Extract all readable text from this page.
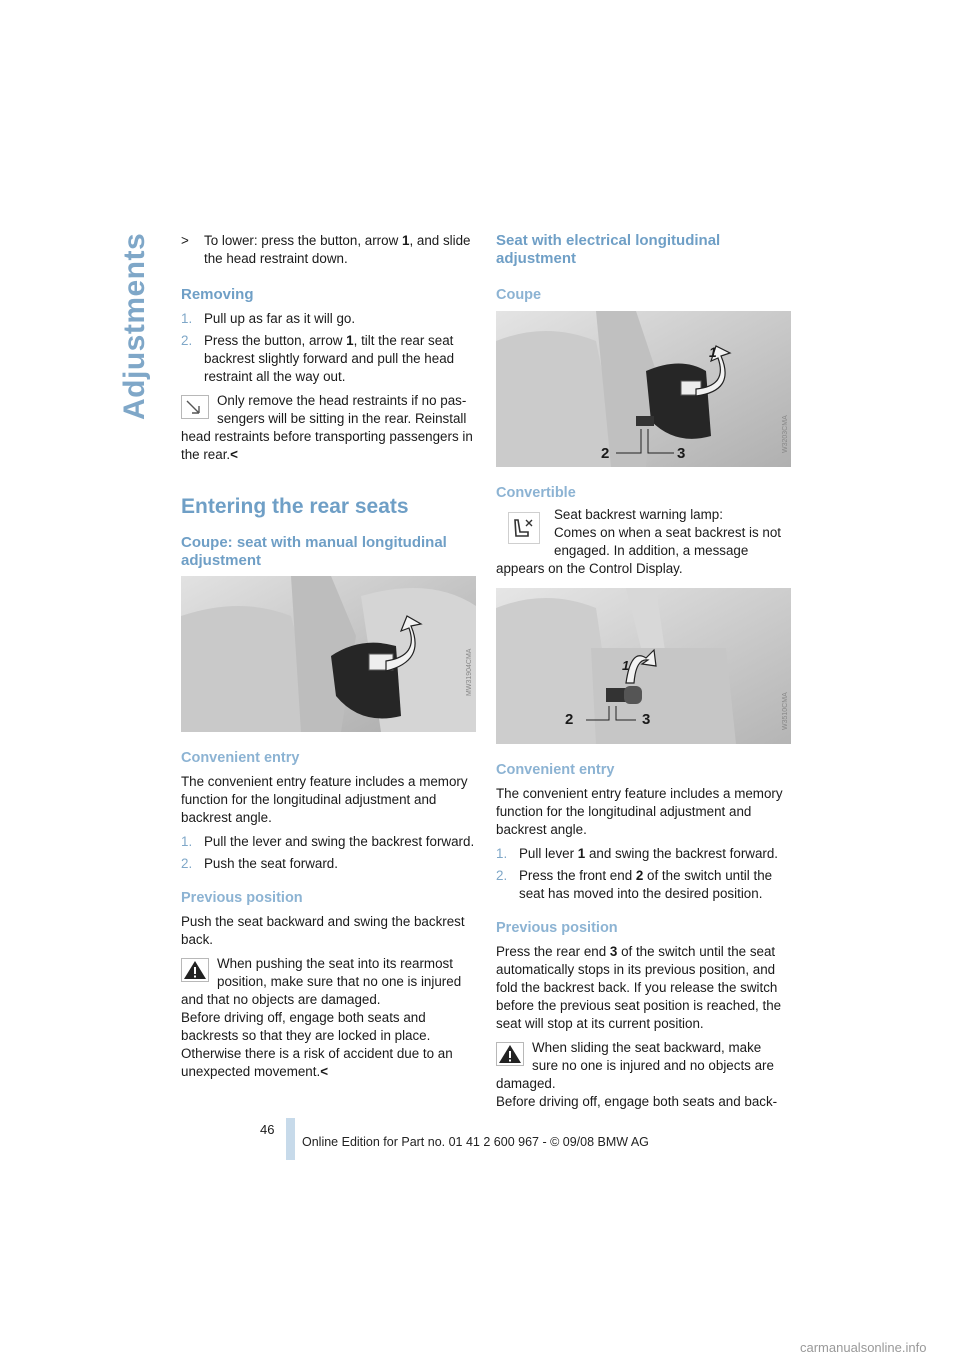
Adjustments	> To lower: press the button, arrow 1, and slide the head restraint down.
Removing
1. Pull up as far as it will go.
2. Press the button, arrow 1, tilt the rear seat backrest slightly forward and pull the head restraint all the way out.
Only remove the head restraints if no pas-
sengers will be sitting in the rear. Reinstall
head restraints before transporting passengers in the rear.<
Entering the rear seats
Coupe: seat with manual longitudinal adjustment
MW31904CMA
Convenient entry

The convenient entry feature includes a memory function for the longitudinal adjustment and backrest angle.

1. Pull the lever and swing the backrest forward.
2. Push the seat forward.
Previous position

Push the seat backward and swing the backrest back.

When pushing the seat into its rearmost
position, make sure that no one is injured
and that no objects are damaged.
Before driving off, engage both seats and backrests so that they are locked in place. Otherwise there is a risk of accident due to an unexpected movement.<
Seat with electrical longitudinal adjustment
Coupe
2	3
1
W3203CMA
Convertible
Seat backrest warning lamp:
Comes on when a seat backrest is not
engaged. In addition, a message
appears on the Control Display.
2	3
1
W3510CMA
Convenient entry

The convenient entry feature includes a memory function for the longitudinal adjustment and backrest angle.

1. Pull lever 1 and swing the backrest forward.
2. Press the front end 2 of the switch until the seat has moved into the desired position.
Previous position

Press the rear end 3 of the switch until the seat automatically stops in its previous position, and fold the backrest back. If you release the switch before the previous seat position is reached, the seat will stop at its current position.

When sliding the seat backward, make
sure no one is injured and no objects are
damaged.
Before driving off, engage both seats and back-
46
Online Edition for Part no. 01 41 2 600 967 - © 09/08 BMW AG
carmanualsonline.info
